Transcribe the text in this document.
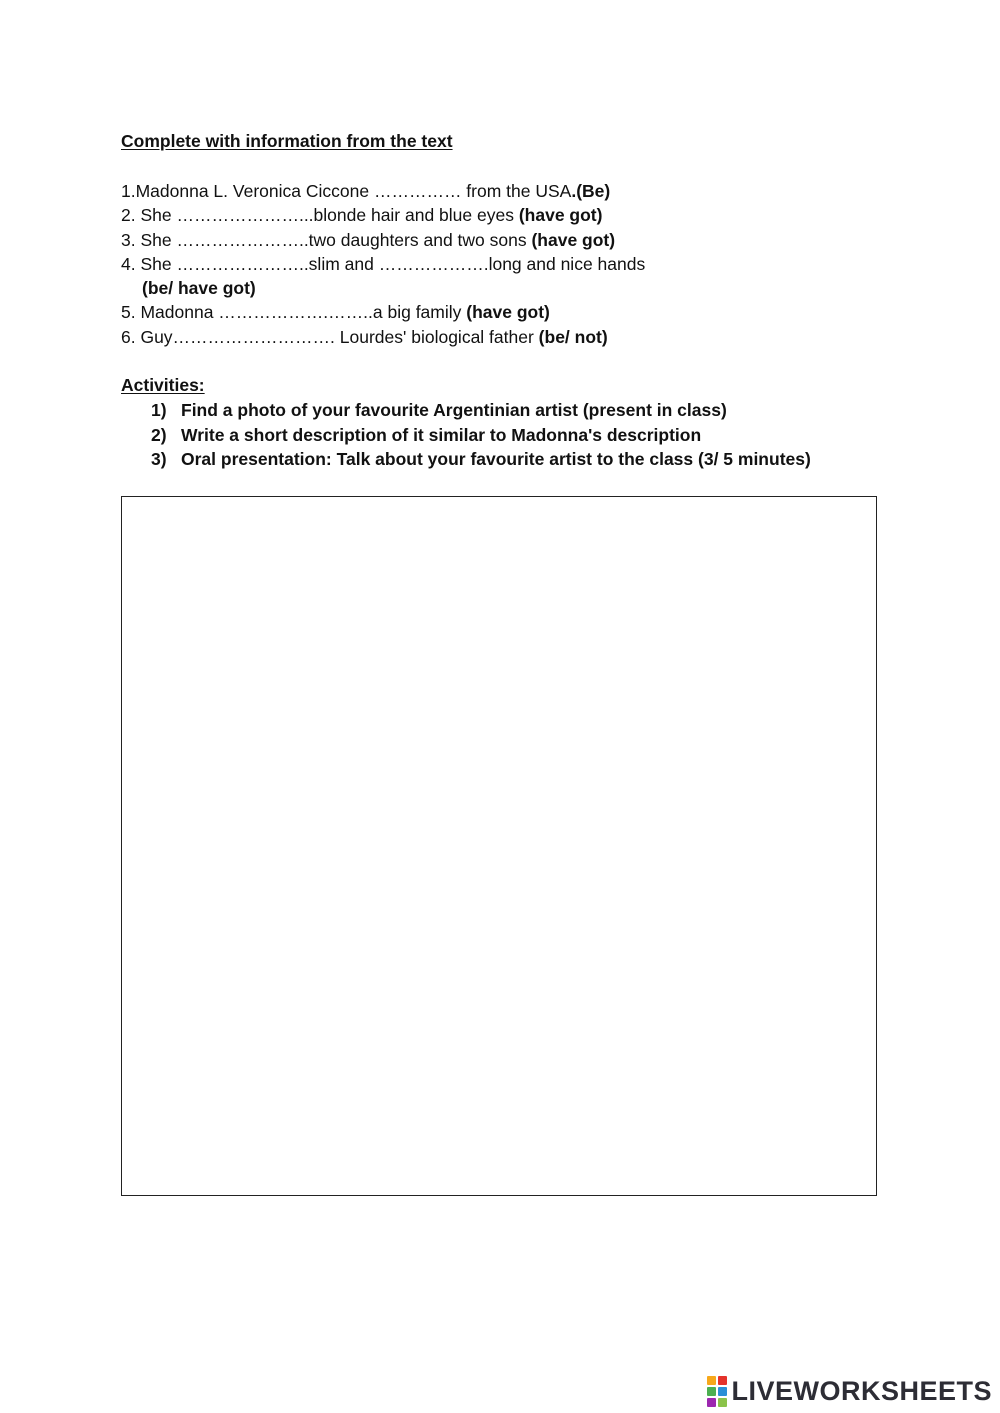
Complete with information from the text
1.Madonna L. Veronica Ciccone …………… from the USA.(Be)
2. She …………………...blonde hair and blue eyes (have got)
3. She …………………..two daughters and two sons (have got)
4. She …………………..slim and ……………….long and nice hands
(be/ have got)
5. Madonna ……………….……..a big family (have got)
6. Guy………………………. Lourdes' biological father (be/ not)
Activities:
1) Find a photo of your favourite Argentinian artist (present in class)
2) Write a short description of it similar to Madonna's description
3) Oral presentation: Talk about your favourite artist to the class (3/ 5 minutes)
LIVEWORKSHEETS
